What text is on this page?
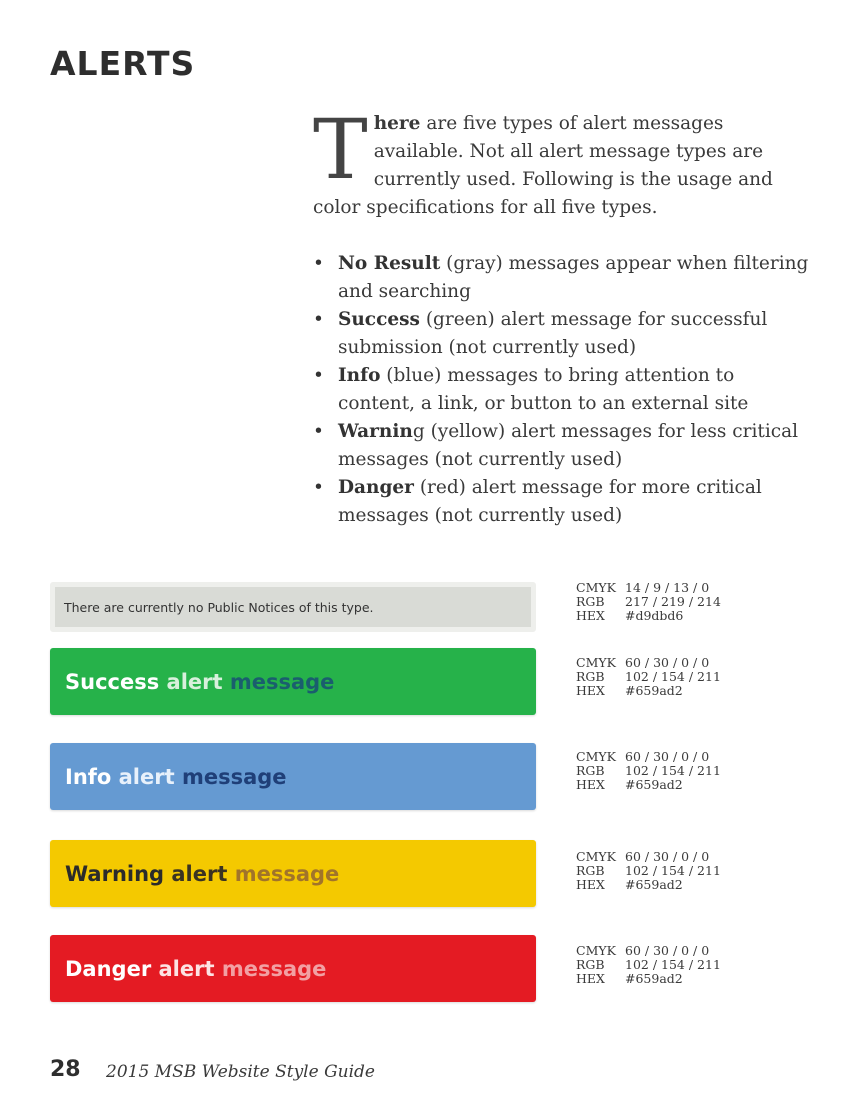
ALERTS

There are five types of alert messages available. Not all alert message types are currently used. Following is the usage and color specifications for all five types.

• No Result (gray) messages appear when filtering and searching
• Success (green) alert message for successful submission (not currently used)
• Info (blue) messages to bring attention to content, a link, or button to an external site
• Warning (yellow) alert messages for less critical messages (not currently used)
• Danger (red) alert message for more critical messages (not currently used)
There are currently no Public Notices of this type.
Success alert message
Info alert message
Warning alert message
Danger alert message
CMYK 14 / 9 / 13 / 0
RGB	217 / 219 / 214
HEX	#d9dbd6
CMYK 60 / 30 / 0 / 0
RGB	102 / 154 / 211
HEX	#659ad2
CMYK 60 / 30 / 0 / 0
RGB	102 / 154 / 211
HEX	#659ad2
CMYK 60 / 30 / 0 / 0
RGB	102 / 154 / 211
HEX	#659ad2
CMYK 60 / 30 / 0 / 0
RGB	102 / 154 / 211
HEX	#659ad2
28 2015 MSB Website Style Guide
